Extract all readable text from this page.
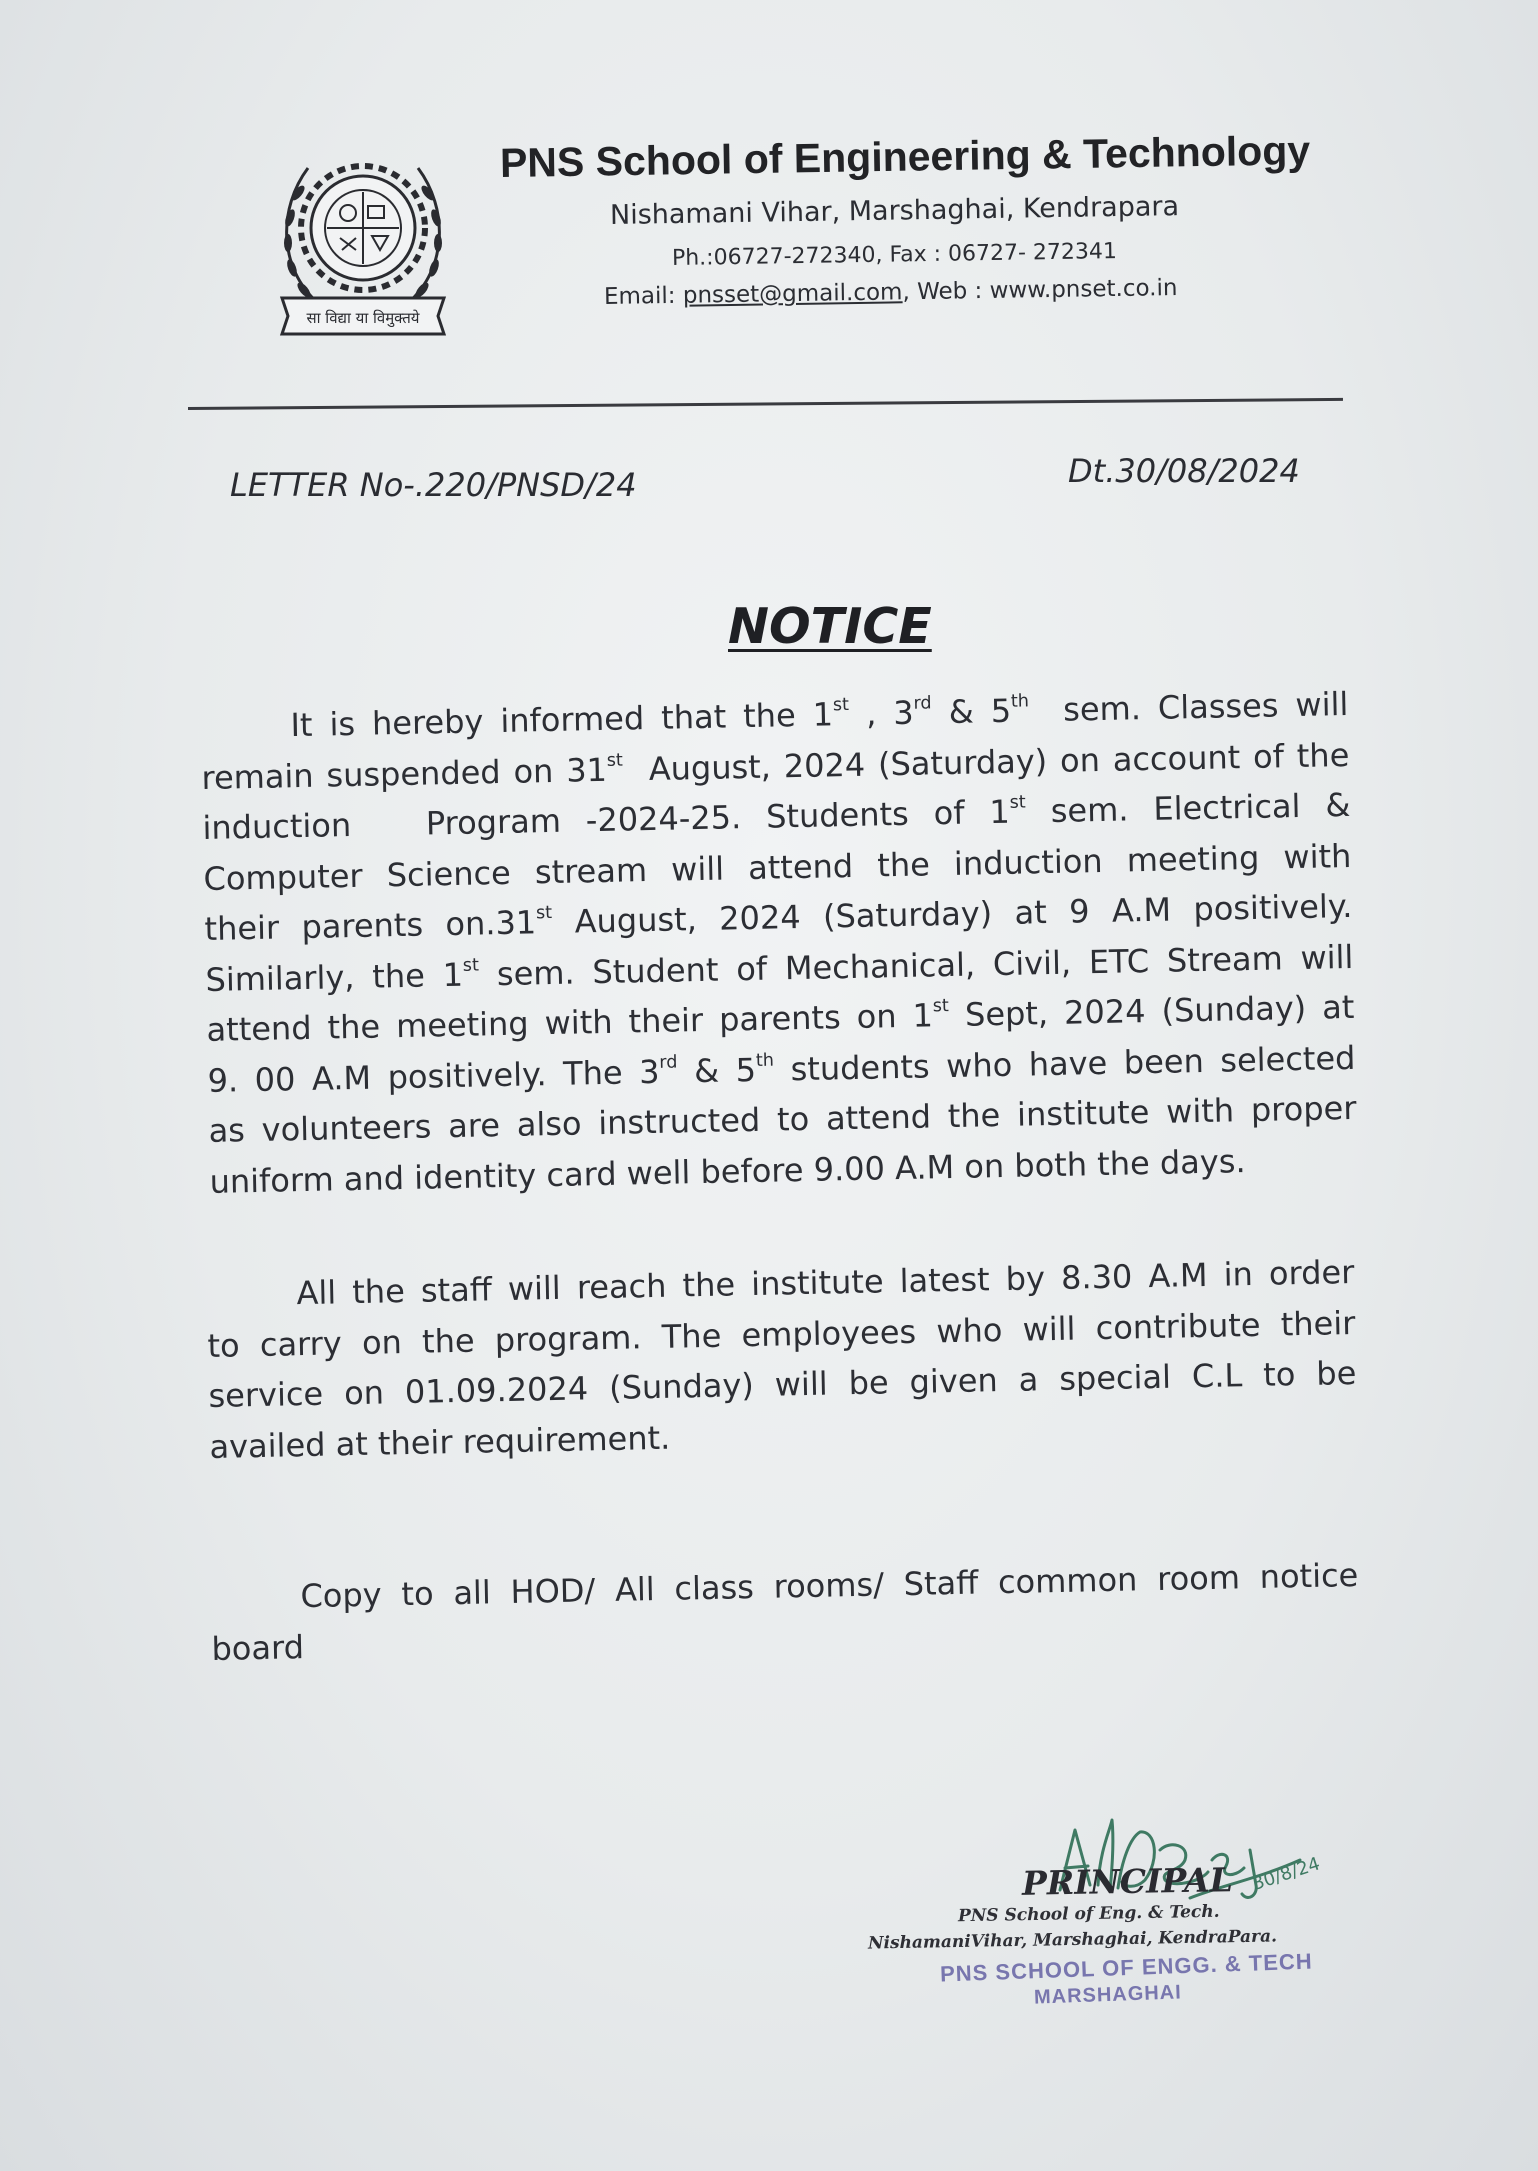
सा विद्या या विमुक्तये
PNS School of Engineering & Technology
Nishamani Vihar, Marshaghai, Kendrapara
Ph.:06727-272340, Fax : 06727- 272341
Email: pnsset@gmail.com, Web : www.pnset.co.in
LETTER No-.220/PNSD/24	Dt.30/08/2024
NOTICE
It is hereby informed that the 1st , 3rd & 5th  sem. Classes will
remain suspended on 31st  August, 2024 (Saturday) on account of the
induction   Program -2024-25. Students of 1st sem. Electrical &
Computer Science stream will attend the induction meeting with
their parents on.31st August, 2024 (Saturday) at 9 A.M positively.
Similarly, the 1st sem. Student of Mechanical, Civil, ETC Stream will
attend the meeting with their parents on 1st Sept, 2024 (Sunday) at
9. 00 A.M positively. The 3rd & 5th students who have been selected
as volunteers are also instructed to attend the institute with proper
uniform and identity card well before 9.00 A.M on both the days.
All the staff will reach the institute latest by 8.30 A.M in order
to carry on the program. The employees who will contribute their
service on 01.09.2024 (Sunday) will be given a special C.L to be
availed at their requirement.
Copy to all HOD/ All class rooms/ Staff common room notice
board
30/8/24
PRINCIPAL
PNS School of Eng. & Tech.
NishamaniVihar, Marshaghai, KendraPara.
PNS SCHOOL OF ENGG. & TECH
MARSHAGHAI
